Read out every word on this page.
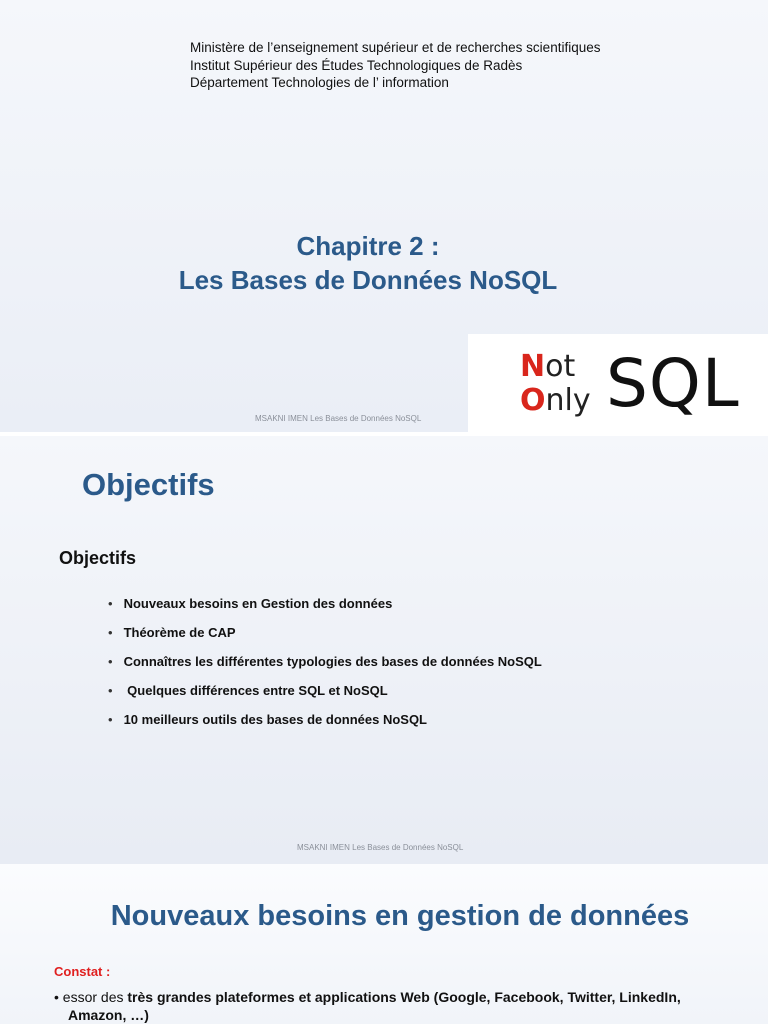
Ministère de l’enseignement supérieur et de recherches scientifiques
Institut Supérieur des Études Technologiques de Radès
Département Technologies de l’ information
Chapitre 2 :
Les Bases de Données NoSQL
Not
Only SQL
MSAKNI IMEN Les Bases de Données NoSQL
Objectifs
Objectifs
• Nouveaux besoins en Gestion des données
• Théorème de CAP
• Connaîtres les différentes typologies des bases de données NoSQL
• Quelques différences entre SQL et NoSQL
• 10 meilleurs outils des bases de données NoSQL
MSAKNI IMEN Les Bases de Données NoSQL
Nouveaux besoins en gestion de données
Constat :
• essor des très grandes plateformes et applications Web (Google, Facebook, Twitter, LinkedIn,
Amazon, …)
